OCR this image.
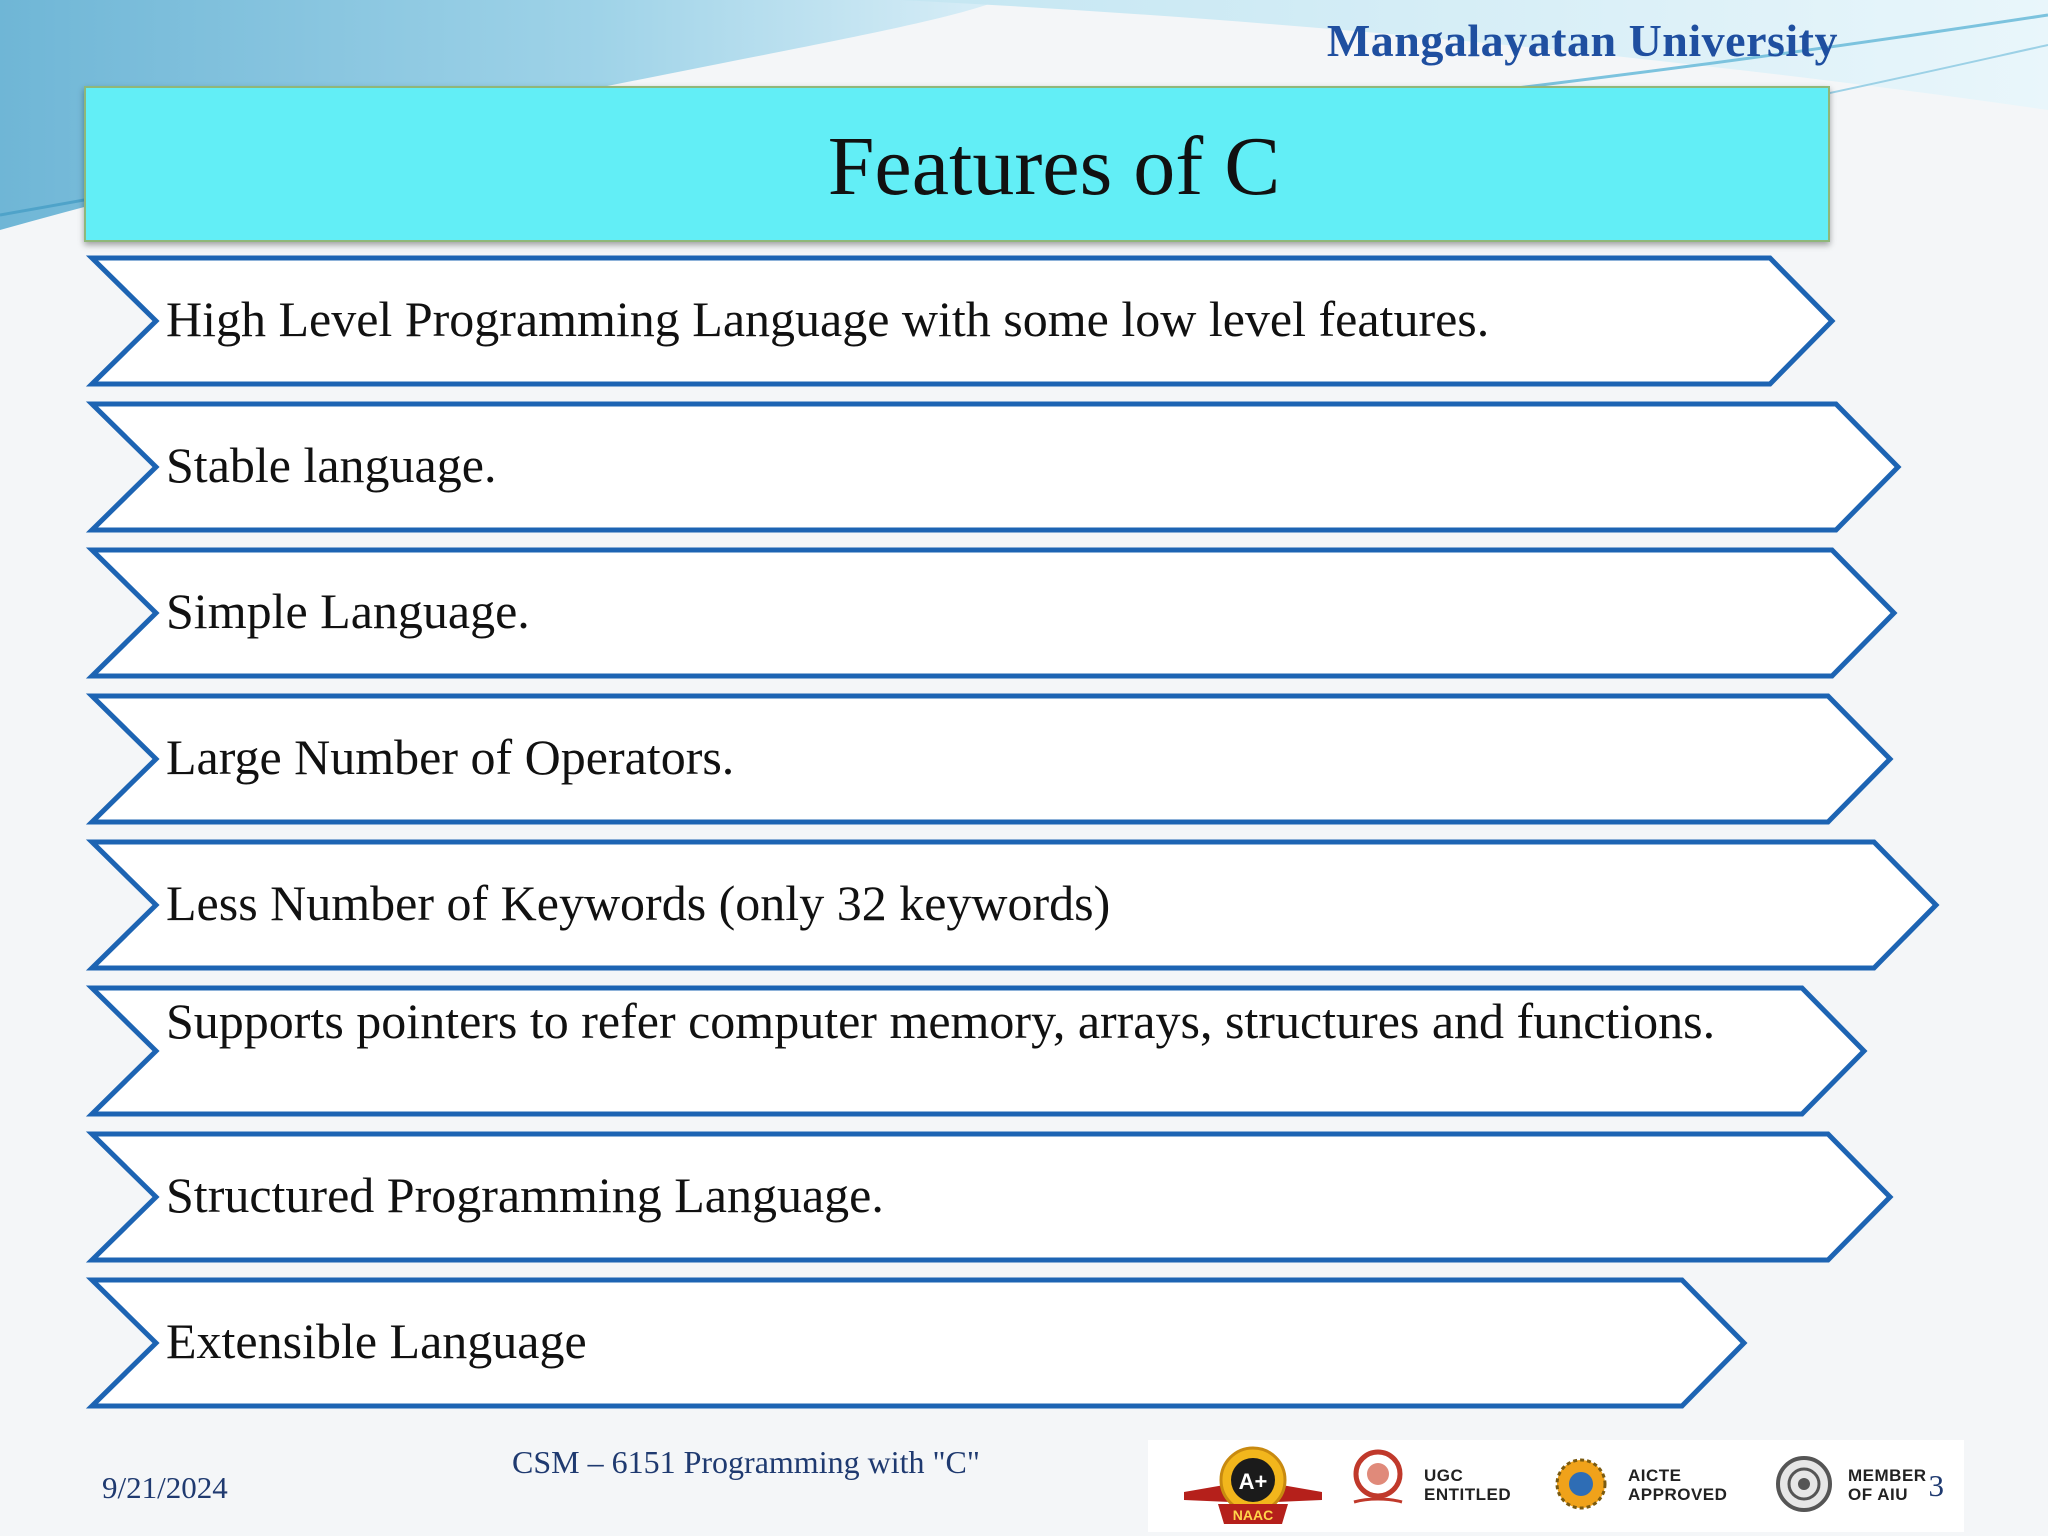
Mangalayatan University
Features of C
High Level Programming Language with some low level features.
Stable language.
Simple Language.
Large Number of Operators.
Less Number of Keywords (only 32 keywords)
Supports pointers to refer computer memory, arrays, structures and functions.
Structured Programming Language.
Extensible Language
9/21/2024
CSM – 6151 Programming with "C"
A+
NAAC
UGC
ENTITLED
AICTE
APPROVED
MEMBER
OF AIU 3
